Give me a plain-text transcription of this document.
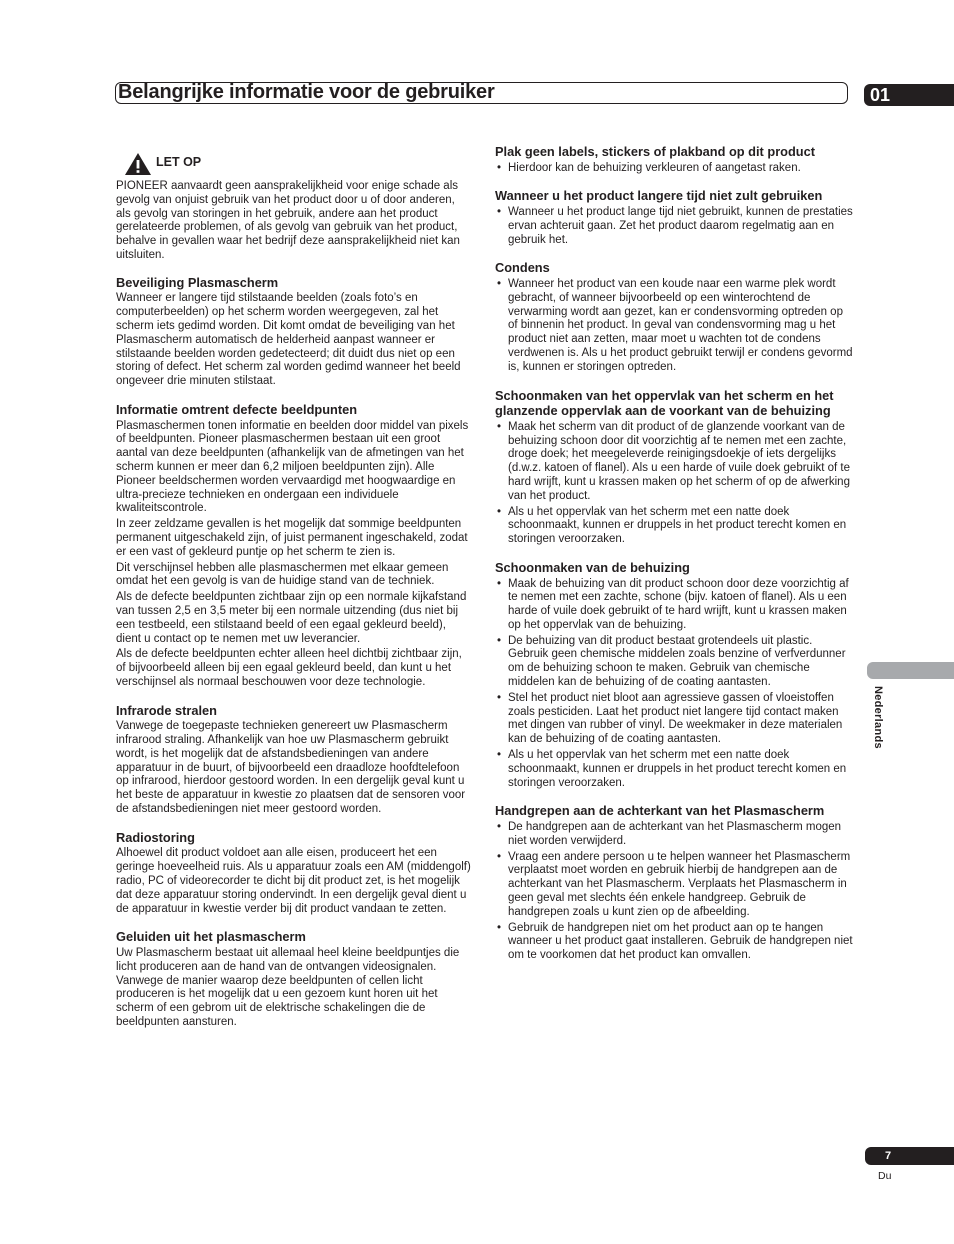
Belangrijke informatie voor de gebruiker	01
Nederlands
7
Du
LET OP
PIONEER aanvaardt geen aansprakelijkheid voor enige schade als gevolg van onjuist gebruik van het product door u of door anderen, als gevolg van storingen in het gebruik, andere aan het product gerelateerde problemen, of als gevolg van gebruik van het product, behalve in gevallen waar het bedrijf deze aansprakelijkheid niet kan uitsluiten.
Beveiliging Plasmascherm

Wanneer er langere tijd stilstaande beelden (zoals foto’s en computerbeelden) op het scherm worden weergegeven, zal het scherm iets gedimd worden. Dit komt omdat de beveiliging van het Plasmascherm automatisch de helderheid aanpast wanneer er stilstaande beelden worden gedetecteerd; dit duidt dus niet op een storing of defect. Het scherm zal worden gedimd wanneer het beeld ongeveer drie minuten stilstaat.

Informatie omtrent defecte beeldpunten

Plasmaschermen tonen informatie en beelden door middel van pixels of beeldpunten. Pioneer plasmaschermen bestaan uit een groot aantal van deze beeldpunten (afhankelijk van de afmetingen van het scherm kunnen er meer dan 6,2 miljoen beeldpunten zijn). Alle Pioneer beeldschermen worden vervaardigd met hoogwaardige en ultra-precieze technieken en ondergaan een individuele kwaliteitscontrole.

In zeer zeldzame gevallen is het mogelijk dat sommige beeldpunten permanent uitgeschakeld zijn, of juist permanent ingeschakeld, zodat er een vast of gekleurd puntje op het scherm te zien is.

Dit verschijnsel hebben alle plasmaschermen met elkaar gemeen omdat het een gevolg is van de huidige stand van de techniek.

Als de defecte beeldpunten zichtbaar zijn op een normale kijkafstand van tussen 2,5 en 3,5 meter bij een normale uitzending (dus niet bij een testbeeld, een stilstaand beeld of een egaal gekleurd beeld), dient u contact op te nemen met uw leverancier.

Als de defecte beeldpunten echter alleen heel dichtbij zichtbaar zijn, of bijvoorbeeld alleen bij een egaal gekleurd beeld, dan kunt u het verschijnsel als normaal beschouwen voor deze technologie.

Infrarode stralen

Vanwege de toegepaste technieken genereert uw Plasmascherm infrarood straling. Afhankelijk van hoe uw Plasmascherm gebruikt wordt, is het mogelijk dat de afstandsbedieningen van andere apparatuur in de buurt, of bijvoorbeeld een draadloze hoofdtelefoon op infrarood, hierdoor gestoord worden. In een dergelijk geval kunt u het beste de apparatuur in kwestie zo plaatsen dat de sensoren voor de afstandsbedieningen niet meer gestoord worden.

Radiostoring

Alhoewel dit product voldoet aan alle eisen, produceert het een geringe hoeveelheid ruis. Als u apparatuur zoals een AM (middengolf) radio, PC of videorecorder te dicht bij dit product zet, is het mogelijk dat deze apparatuur storing ondervindt. In een dergelijk geval dient u de apparatuur in kwestie verder bij dit product vandaan te zetten.

Geluiden uit het plasmascherm

Uw Plasmascherm bestaat uit allemaal heel kleine beeldpuntjes die licht produceren aan de hand van de ontvangen videosignalen. Vanwege de manier waarop deze beeldpunten of cellen licht produceren is het mogelijk dat u een gezoem kunt horen uit het scherm of een gebrom uit de elektrische schakelingen die de beeldpunten aansturen.

Plak geen labels, stickers of plakband op dit product
• Hierdoor kan de behuizing verkleuren of aangetast raken.
Wanneer u het product langere tijd niet zult gebruiken
• Wanneer u het product lange tijd niet gebruikt, kunnen de prestaties ervan achteruit gaan. Zet het product daarom regelmatig aan en gebruik het.
Condens
• Wanneer het product van een koude naar een warme plek wordt gebracht, of wanneer bijvoorbeeld op een winterochtend de verwarming wordt aan gezet, kan er condensvorming optreden op of binnenin het product. In geval van condensvorming mag u het product niet aan zetten, maar moet u wachten tot de condens verdwenen is. Als u het product gebruikt terwijl er condens gevormd is, kunnen er storingen optreden.
Schoonmaken van het oppervlak van het scherm en het glanzende oppervlak aan de voorkant van de behuizing
• Maak het scherm van dit product of de glanzende voorkant van de behuizing schoon door dit voorzichtig af te nemen met een zachte, droge doek; het meegeleverde reinigingsdoekje of iets dergelijks (d.w.z. katoen of flanel). Als u een harde of vuile doek gebruikt of te hard wrijft, kunt u krassen maken op het scherm of op de afwerking van het product.
• Als u het oppervlak van het scherm met een natte doek schoonmaakt, kunnen er druppels in het product terecht komen en storingen veroorzaken.
Schoonmaken van de behuizing
• Maak de behuizing van dit product schoon door deze voorzichtig af te nemen met een zachte, schone (bijv. katoen of flanel). Als u een harde of vuile doek gebruikt of te hard wrijft, kunt u krassen maken op het oppervlak van de behuizing.
• De behuizing van dit product bestaat grotendeels uit plastic. Gebruik geen chemische middelen zoals benzine of verfverdunner om de behuizing schoon te maken. Gebruik van chemische middelen kan de behuizing of de coating aantasten.
• Stel het product niet bloot aan agressieve gassen of vloeistoffen zoals pesticiden. Laat het product niet langere tijd contact maken met dingen van rubber of vinyl. De weekmaker in deze materialen kan de behuizing of de coating aantasten.
• Als u het oppervlak van het scherm met een natte doek schoonmaakt, kunnen er druppels in het product terecht komen en storingen veroorzaken.
Handgrepen aan de achterkant van het Plasmascherm
• De handgrepen aan de achterkant van het Plasmascherm mogen niet worden verwijderd.
• Vraag een andere persoon u te helpen wanneer het Plasmascherm verplaatst moet worden en gebruik hierbij de handgrepen aan de achterkant van het Plasmascherm. Verplaats het Plasmascherm in geen geval met slechts één enkele handgreep. Gebruik de handgrepen zoals u kunt zien op de afbeelding.
• Gebruik de handgrepen niet om het product aan op te hangen wanneer u het product gaat installeren. Gebruik de handgrepen niet om te voorkomen dat het product kan omvallen.
